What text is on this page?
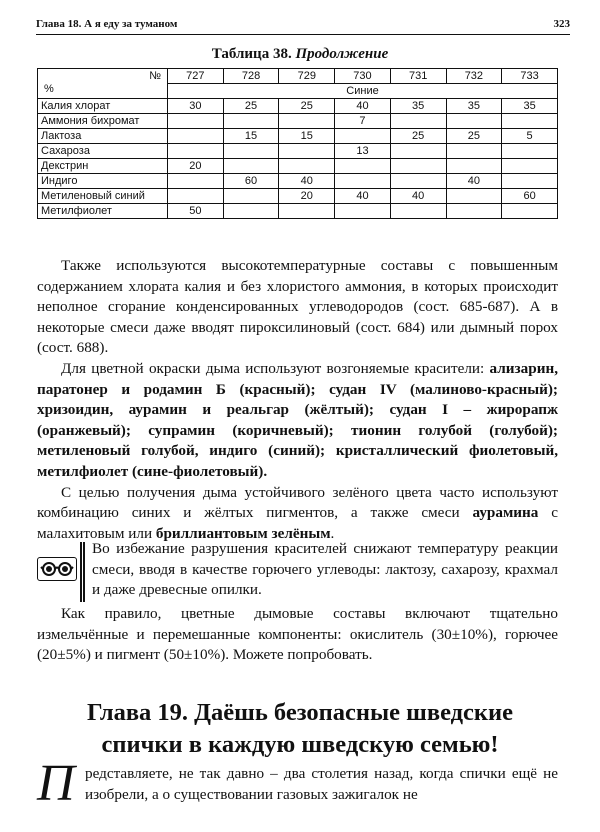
Глава 18. А я еду за туманом	323
Таблица 38. Продолжение
№
%	727	728	729	730	731	732	733
	Синие						
Калия хлорат	30	25	25	40	35	35	35
Аммония бихромат				7			
Лактоза		15	15		25	25	5
Сахароза				13			
Декстрин	20						
Индиго		60	40			40	
Метиленовый синий			20	40	40		60
Метилфиолет	50						

Также используются высокотемпературные составы с повышенным содержанием хлората калия и без хлористого аммония, в которых происходит неполное сгорание конденсированных углеводородов (сост. 685-687). А в некоторые смеси даже вводят пироксилиновый (сост. 684) или дымный порох (сост. 688).

Для цветной окраски дыма используют возгоняемые красители: ализарин, паратонер и родамин Б (красный); судан IV (малиново-красный); хризоидин, аурамин и реальгар (жёлтый); судан I – жирорапж (оранжевый); супрамин (коричневый); тионин голубой (голубой); метиленовый голубой, индиго (синий); кристаллический фиолетовый, метилфиолет (сине-фиолетовый).

С целью получения дыма устойчивого зелёного цвета часто используют комбинацию синих и жёлтых пигментов, а также смеси аурамина с малахитовым или бриллиантовым зелёным.

Во избежание разрушения красителей снижают температуру реакции смеси, вводя в качестве горючего углеводы: лактозу, сахарозу, крахмал и даже древесные опилки.

Как правило, цветные дымовые составы включают тщательно измельчённые и перемешанные компоненты: окислитель (30±10%), горючее (20±5%) и пигмент (50±10%). Можете попробовать.

Глава 19. Даёшь безопасные шведские
спички в каждую шведскую семью!
П редставляете, не так давно – два столетия назад, когда спички ещё не изобрели, а о существовании газовых зажигалок не
